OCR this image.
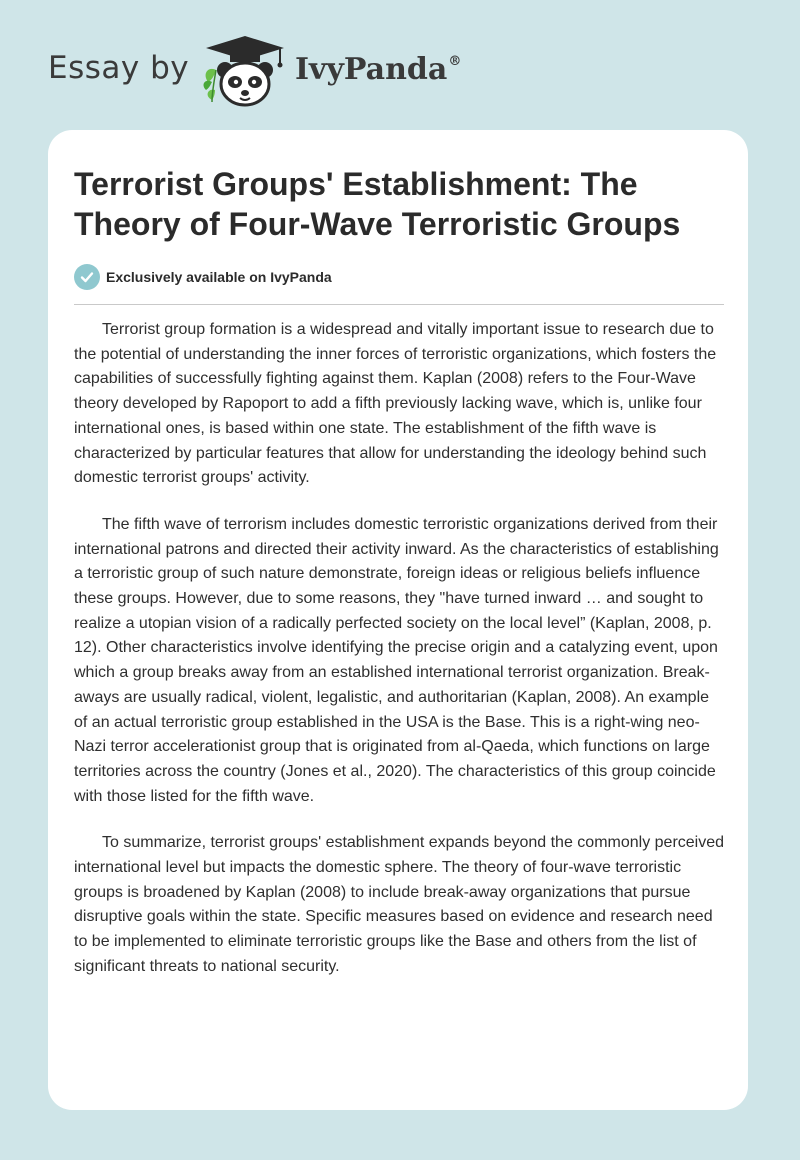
Essay by	IvyPanda®
Terrorist Groups' Establishment: The Theory of Four-Wave Terroristic Groups
Exclusively available on IvyPanda

Terrorist group formation is a widespread and vitally important issue to research due to the potential of understanding the inner forces of terroristic organizations, which fosters the capabilities of successfully fighting against them. Kaplan (2008) refers to the Four-Wave theory developed by Rapoport to add a fifth previously lacking wave, which is, unlike four international ones, is based within one state. The establishment of the fifth wave is characterized by particular features that allow for understanding the ideology behind such domestic terrorist groups' activity.

The fifth wave of terrorism includes domestic terroristic organizations derived from their international patrons and directed their activity inward. As the characteristics of establishing a terroristic group of such nature demonstrate, foreign ideas or religious beliefs influence these groups. However, due to some reasons, they "have turned inward … and sought to realize a utopian vision of a radically perfected society on the local level” (Kaplan, 2008, p. 12). Other characteristics involve identifying the precise origin and a catalyzing event, upon which a group breaks away from an established international terrorist organization. Break-aways are usually radical, violent, legalistic, and authoritarian (Kaplan, 2008). An example of an actual terroristic group established in the USA is the Base. This is a right-wing neo-Nazi terror accelerationist group that is originated from al-Qaeda, which functions on large territories across the country (Jones et al., 2020). The characteristics of this group coincide with those listed for the fifth wave.

To summarize, terrorist groups' establishment expands beyond the commonly perceived international level but impacts the domestic sphere. The theory of four-wave terroristic groups is broadened by Kaplan (2008) to include break-away organizations that pursue disruptive goals within the state. Specific measures based on evidence and research need to be implemented to eliminate terroristic groups like the Base and others from the list of significant threats to national security.
